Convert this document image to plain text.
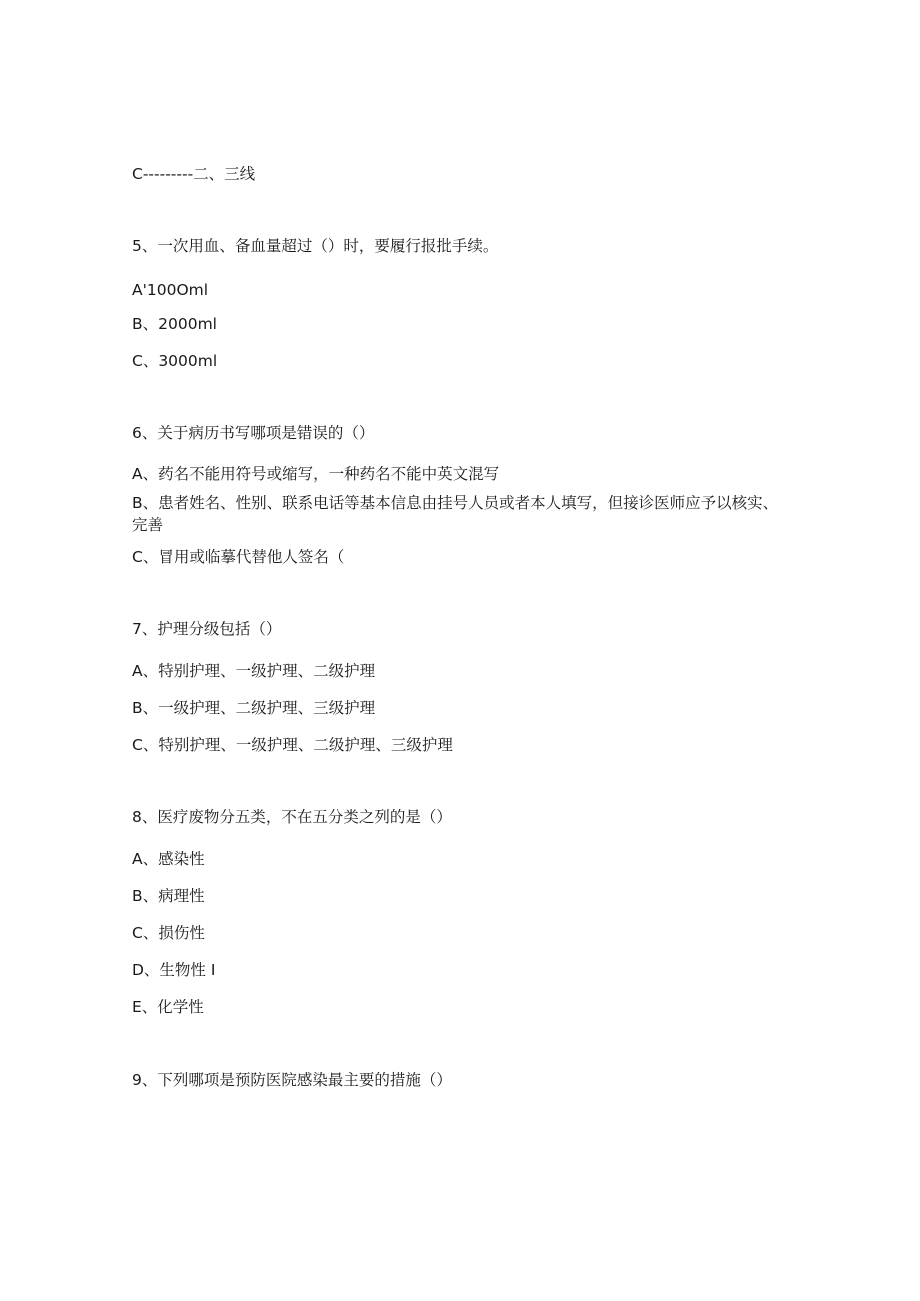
C---------二、三线
5、一次用血、备血量超过（）时，要履行报批手续。
A'100Oml
B、2000ml
C、3000ml
6、关于病历书写哪项是错误的（）
A、药名不能用符号或缩写，一种药名不能中英文混写
B、患者姓名、性别、联系电话等基本信息由挂号人员或者本人填写，但接诊医师应予以核实、完善
C、冒用或临摹代替他人签名（
7、护理分级包括（）
A、特别护理、一级护理、二级护理
B、一级护理、二级护理、三级护理
C、特别护理、一级护理、二级护理、三级护理
8、医疗废物分五类，不在五分类之列的是（）
A、感染性
B、病理性
C、损伤性
D、生物性 I
E、化学性
9、下列哪项是预防医院感染最主要的措施（）
